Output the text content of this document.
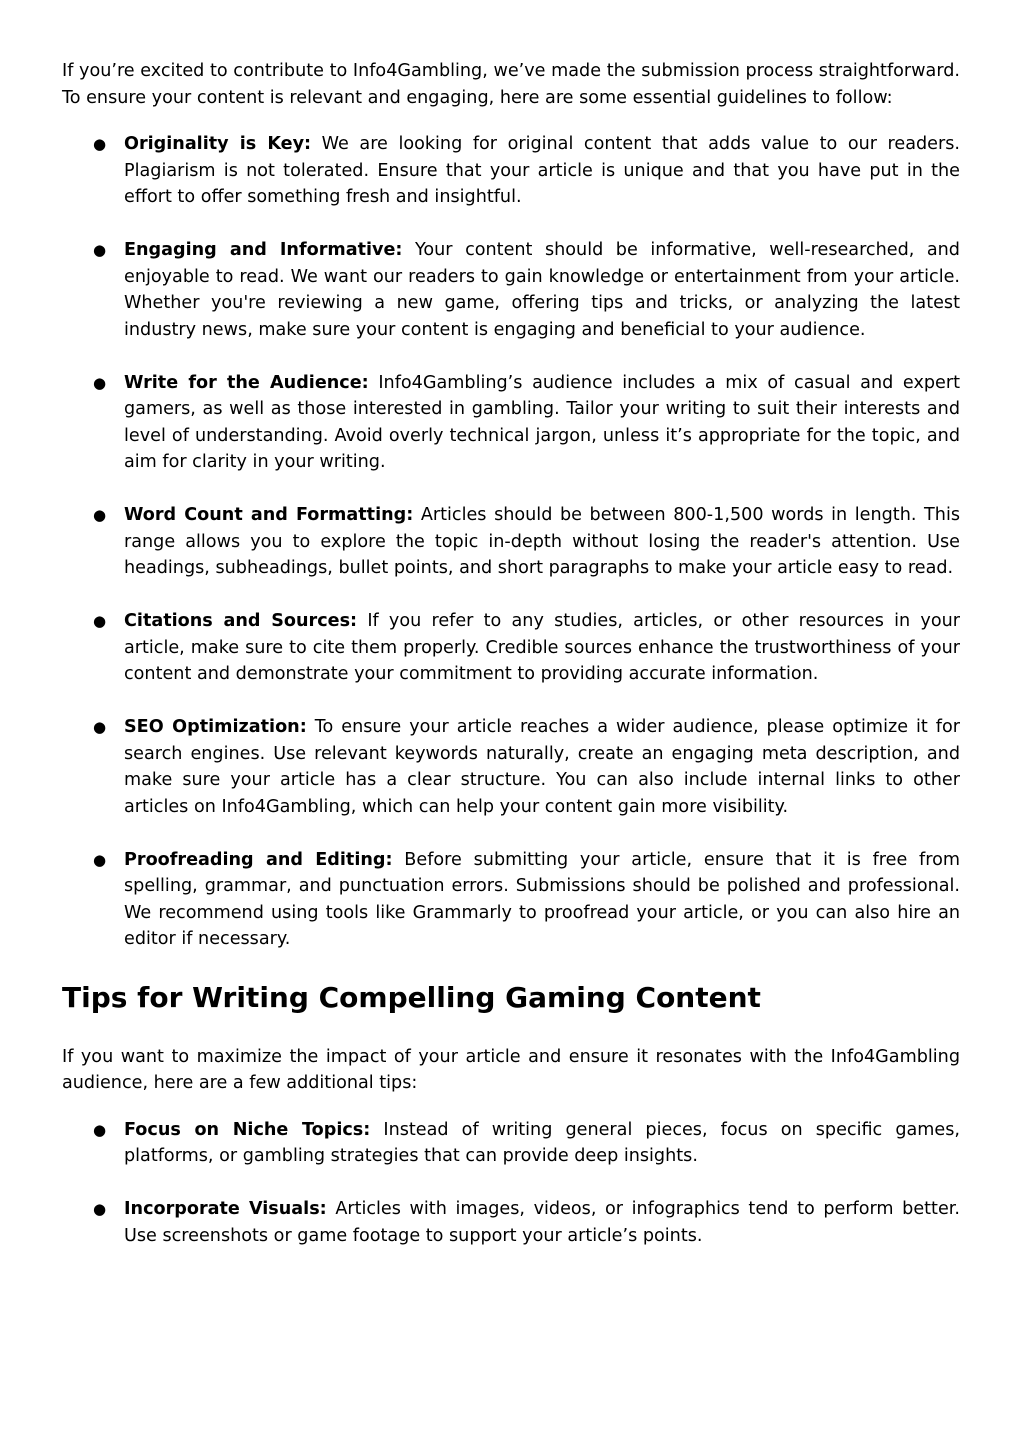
If you’re excited to contribute to Info4Gambling, we’ve made the submission process straightforward. To ensure your content is relevant and engaging, here are some essential guidelines to follow:

● Originality is Key: We are looking for original content that adds value to our readers. Plagiarism is not tolerated. Ensure that your article is unique and that you have put in the effort to offer something fresh and insightful.
● Engaging and Informative: Your content should be informative, well-researched, and enjoyable to read. We want our readers to gain knowledge or entertainment from your article. Whether you're reviewing a new game, offering tips and tricks, or analyzing the latest industry news, make sure your content is engaging and beneficial to your audience.
● Write for the Audience: Info4Gambling’s audience includes a mix of casual and expert gamers, as well as those interested in gambling. Tailor your writing to suit their interests and level of understanding. Avoid overly technical jargon, unless it’s appropriate for the topic, and aim for clarity in your writing.
● Word Count and Formatting: Articles should be between 800-1,500 words in length. This range allows you to explore the topic in-depth without losing the reader's attention. Use headings, subheadings, bullet points, and short paragraphs to make your article easy to read.
● Citations and Sources: If you refer to any studies, articles, or other resources in your article, make sure to cite them properly. Credible sources enhance the trustworthiness of your content and demonstrate your commitment to providing accurate information.
● SEO Optimization: To ensure your article reaches a wider audience, please optimize it for search engines. Use relevant keywords naturally, create an engaging meta description, and make sure your article has a clear structure. You can also include internal links to other articles on Info4Gambling, which can help your content gain more visibility.
● Proofreading and Editing: Before submitting your article, ensure that it is free from spelling, grammar, and punctuation errors. Submissions should be polished and professional. We recommend using tools like Grammarly to proofread your article, or you can also hire an editor if necessary.
Tips for Writing Compelling Gaming Content

If you want to maximize the impact of your article and ensure it resonates with the Info4Gambling audience, here are a few additional tips:

● Focus on Niche Topics: Instead of writing general pieces, focus on specific games, platforms, or gambling strategies that can provide deep insights.
● Incorporate Visuals: Articles with images, videos, or infographics tend to perform better. Use screenshots or game footage to support your article’s points.
